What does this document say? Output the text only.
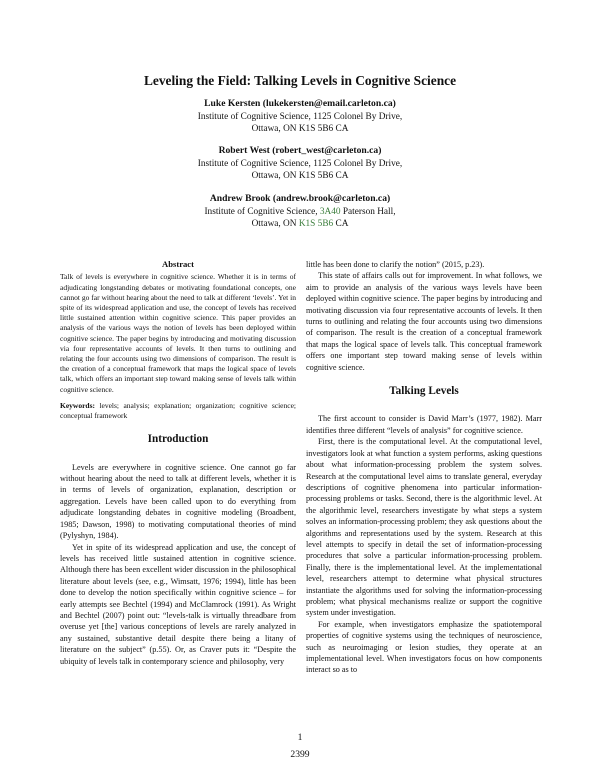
Leveling the Field: Talking Levels in Cognitive Science
Luke Kersten (lukekersten@email.carleton.ca)
Institute of Cognitive Science, 1125 Colonel By Drive,
Ottawa, ON K1S 5B6 CA
Robert West (robert_west@carleton.ca)
Institute of Cognitive Science, 1125 Colonel By Drive,
Ottawa, ON K1S 5B6 CA
Andrew Brook (andrew.brook@carleton.ca)
Institute of Cognitive Science, 3A40 Paterson Hall,
Ottawa, ON K1S 5B6 CA
Abstract

Talk of levels is everywhere in cognitive science. Whether it is in terms of adjudicating longstanding debates or motivating foundational concepts, one cannot go far without hearing about the need to talk at different ‘levels’. Yet in spite of its widespread application and use, the concept of levels has received little sustained attention within cognitive science. This paper provides an analysis of the various ways the notion of levels has been deployed within cognitive science. The paper begins by introducing and motivating discussion via four representative accounts of levels. It then turns to outlining and relating the four accounts using two dimensions of comparison. The result is the creation of a conceptual framework that maps the logical space of levels talk, which offers an important step toward making sense of levels talk within cognitive science.

Keywords: levels; analysis; explanation; organization; cognitive science; conceptual framework

Introduction

Levels are everywhere in cognitive science. One cannot go far without hearing about the need to talk at different levels, whether it is in terms of levels of organization, explanation, description or aggregation. Levels have been called upon to do everything from adjudicate longstanding debates in cognitive modeling (Broadbent, 1985; Dawson, 1998) to motivating computational theories of mind (Pylyshyn, 1984).

Yet in spite of its widespread application and use, the concept of levels has received little sustained attention in cognitive science. Although there has been excellent wider discussion in the philosophical literature about levels (see, e.g., Wimsatt, 1976; 1994), little has been done to develop the notion specifically within cognitive science – for early attempts see Bechtel (1994) and McClamrock (1991). As Wright and Bechtel (2007) point out: “levels-talk is virtually threadbare from overuse yet [the] various conceptions of levels are rarely analyzed in any sustained, substantive detail despite there being a litany of literature on the subject” (p.55). Or, as Craver puts it: “Despite the ubiquity of levels talk in contemporary science and philosophy, very

little has been done to clarify the notion” (2015, p.23).

This state of affairs calls out for improvement. In what follows, we aim to provide an analysis of the various ways levels have been deployed within cognitive science. The paper begins by introducing and motivating discussion via four representative accounts of levels. It then turns to outlining and relating the four accounts using two dimensions of comparison. The result is the creation of a conceptual framework that maps the logical space of levels talk. This conceptual framework offers one important step toward making sense of levels within cognitive science.

Talking Levels

The first account to consider is David Marr’s (1977, 1982). Marr identifies three different “levels of analysis” for cognitive science.

First, there is the computational level. At the computational level, investigators look at what function a system performs, asking questions about what information-processing problem the system solves. Research at the computational level aims to translate general, everyday descriptions of cognitive phenomena into particular information-processing problems or tasks. Second, there is the algorithmic level. At the algorithmic level, researchers investigate by what steps a system solves an information-processing problem; they ask questions about the algorithms and representations used by the system. Research at this level attempts to specify in detail the set of information-processing procedures that solve a particular information-processing problem. Finally, there is the implementational level. At the implementational level, researchers attempt to determine what physical structures instantiate the algorithms used for solving the information-processing problem; what physical mechanisms realize or support the cognitive system under investigation.

For example, when investigators emphasize the spatiotemporal properties of cognitive systems using the techniques of neuroscience, such as neuroimaging or lesion studies, they operate at an implementational level. When investigators focus on how components interact so as to

1
2399
